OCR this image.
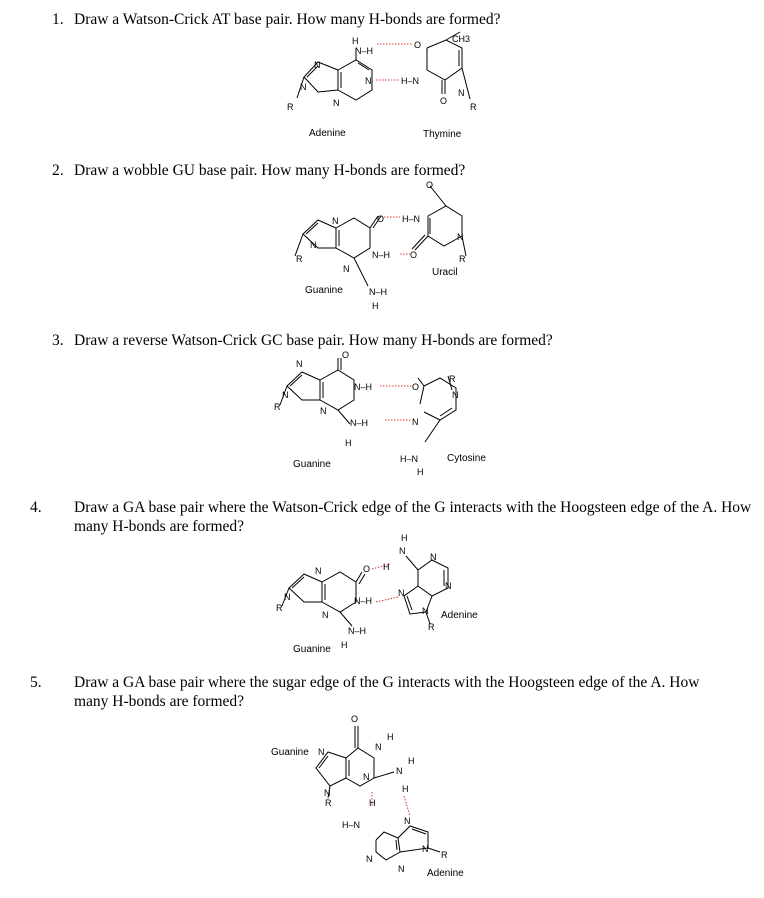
1. Draw a Watson-Crick AT base pair. How many H-bonds are formed?
2. Draw a wobble GU base pair. How many H-bonds are formed?
3. Draw a reverse Watson-Crick GC base pair. How many H-bonds are formed?
4. Draw a GA base pair where the Watson-Crick edge of the G interacts with the Hoogsteen edge of the A. How many H-bonds are formed?
5. Draw a GA base pair where the sugar edge of the G interacts with the Hoogsteen edge of the A. How many H-bonds are formed?
H
N–H
O
CH3
N
N	H–N
N
N
N
O
R	R
Adenine	Thymine
O
N	O H–N
N
N
N–H O
R	R
N	Uracil
Guanine	N–H
H
O
N
R
N–H	O
N
N
R	N
N–H	N
H
H–N	Cytosine
Guanine
H
H
N
N
H
O
N
N
N
N	N–H
R	N Adenine
N
R
N–H
Guanine H
O
H
N
Guanine N
H
N
N
H
N
R	H
N
H–N
N
R
N
N Adenine
